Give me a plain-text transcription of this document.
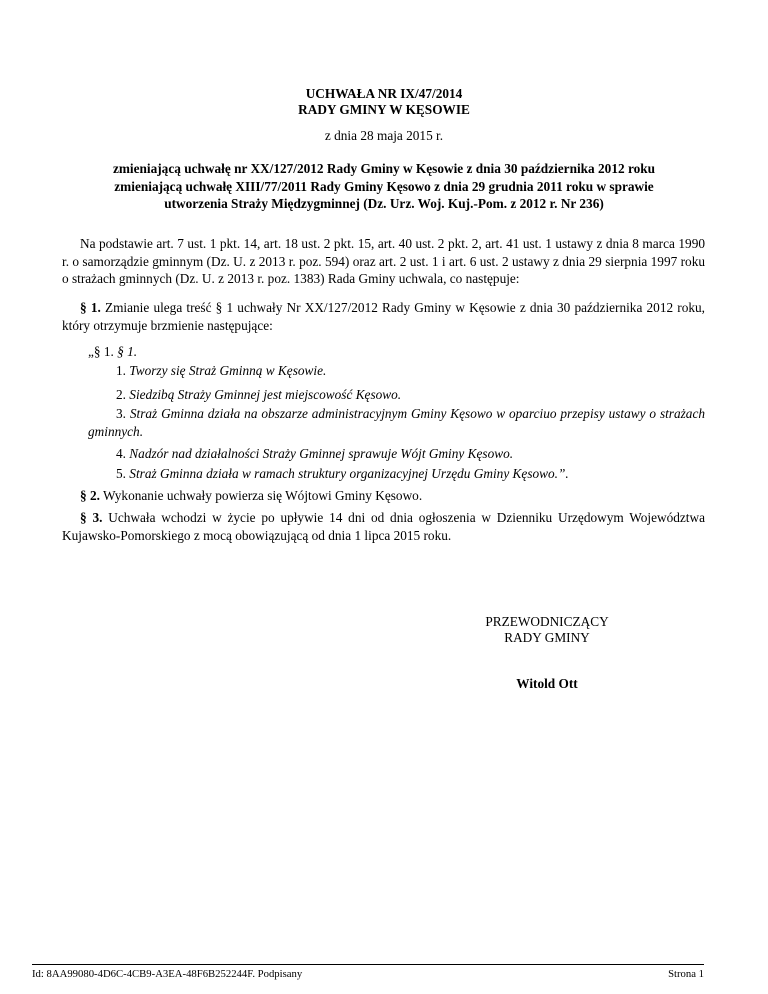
UCHWAŁA NR IX/47/2014
RADY GMINY W KĘSOWIE
z dnia 28 maja 2015 r.
zmieniającą uchwałę nr XX/127/2012 Rady Gminy w Kęsowie z dnia 30 października 2012 roku
zmieniającą uchwałę XIII/77/2011 Rady Gminy Kęsowo z dnia 29 grudnia 2011 roku w sprawie
utworzenia Straży Międzygminnej (Dz. Urz. Woj. Kuj.-Pom. z 2012 r. Nr 236)
Na podstawie art. 7 ust. 1 pkt. 14, art. 18 ust. 2 pkt. 15, art. 40 ust. 2 pkt. 2, art. 41 ust. 1 ustawy z dnia 8 marca 1990 r. o samorządzie gminnym (Dz. U. z 2013 r. poz. 594) oraz art. 2 ust. 1 i art. 6 ust. 2 ustawy z dnia 29 sierpnia 1997 roku o strażach gminnych (Dz. U. z 2013 r. poz. 1383) Rada Gminy uchwala, co następuje:
§ 1. Zmianie ulega treść § 1 uchwały Nr XX/127/2012 Rady Gminy w Kęsowie z dnia 30 października 2012 roku, który otrzymuje brzmienie następujące:
„§ 1. § 1.
1. Tworzy się Straż Gminną w Kęsowie.
2. Siedzibą Straży Gminnej jest miejscowość Kęsowo.
3. Straż Gminna działa na obszarze administracyjnym Gminy Kęsowo w oparciuo przepisy ustawy o strażach gminnych.
4. Nadzór nad działalności Straży Gminnej sprawuje Wójt Gminy Kęsowo.
5. Straż Gminna działa w ramach struktury organizacyjnej Urzędu Gminy Kęsowo.”.
§ 2. Wykonanie uchwały powierza się Wójtowi Gminy Kęsowo.
§ 3. Uchwała wchodzi w życie po upływie 14 dni od dnia ogłoszenia w Dzienniku Urzędowym Województwa Kujawsko-Pomorskiego z mocą obowiązującą od dnia 1 lipca 2015 roku.
PRZEWODNICZĄCY
RADY GMINY
Witold Ott
Id: 8AA99080-4D6C-4CB9-A3EA-48F6B252244F. Podpisany	Strona 1
